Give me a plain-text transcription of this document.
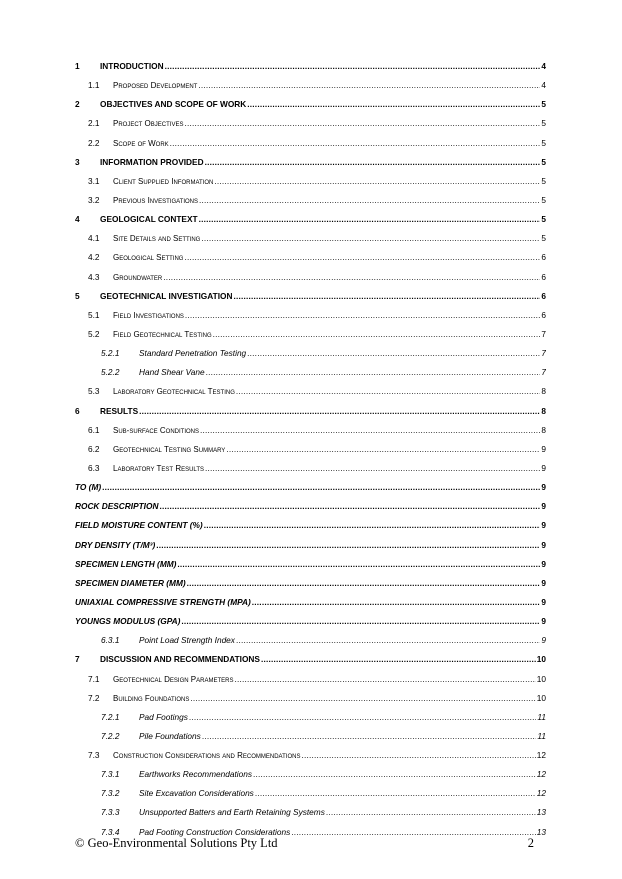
1	INTRODUCTION .....	4
1.1	Proposed Development .....	4
2	OBJECTIVES AND SCOPE OF WORK .....	5
2.1	Project Objectives .....	5
2.2	Scope of Work .....	5
3	INFORMATION PROVIDED .....	5
3.1	Client Supplied Information .....	5
3.2	Previous Investigations .....	5
4	GEOLOGICAL CONTEXT .....	5
4.1	Site Details and Setting .....	5
4.2	Geological Setting .....	6
4.3	Groundwater .....	6
5	GEOTECHNICAL INVESTIGATION .....	6
5.1	Field Investigations .....	6
5.2	Field Geotechnical Testing .....	7
5.2.1	Standard Penetration Testing .....	7
5.2.2	Hand Shear Vane .....	7
5.3	Laboratory Geotechnical Testing .....	8
6	RESULTS .....	8
6.1	Sub-surface Conditions .....	8
6.2	Geotechnical Testing Summary .....	9
6.3	Laboratory Test Results .....	9
TO (M) .....	9
ROCK DESCRIPTION .....	9
FIELD MOISTURE CONTENT (%) .....	9
DRY DENSITY (T/M³) .....	9
SPECIMEN LENGTH (MM) .....	9
SPECIMEN DIAMETER (MM) .....	9
UNIAXIAL COMPRESSIVE STRENGTH (MPA) .....	9
YOUNGS MODULUS (GPA) .....	9
6.3.1	Point Load Strength Index .....	9
7	DISCUSSION AND RECOMMENDATIONS .....	10
7.1	Geotechnical Design Parameters .....	10
7.2	Building Foundations .....	10
7.2.1	Pad Footings .....	11
7.2.2	Pile Foundations .....	11
7.3	Construction Considerations and Recommendations .....	12
7.3.1	Earthworks Recommendations .....	12
7.3.2	Site Excavation Considerations .....	12
7.3.3	Unsupported Batters and Earth Retaining Systems .....	13
7.3.4	Pad Footing Construction Considerations .....	13
© Geo-Environmental Solutions Pty Ltd	2
